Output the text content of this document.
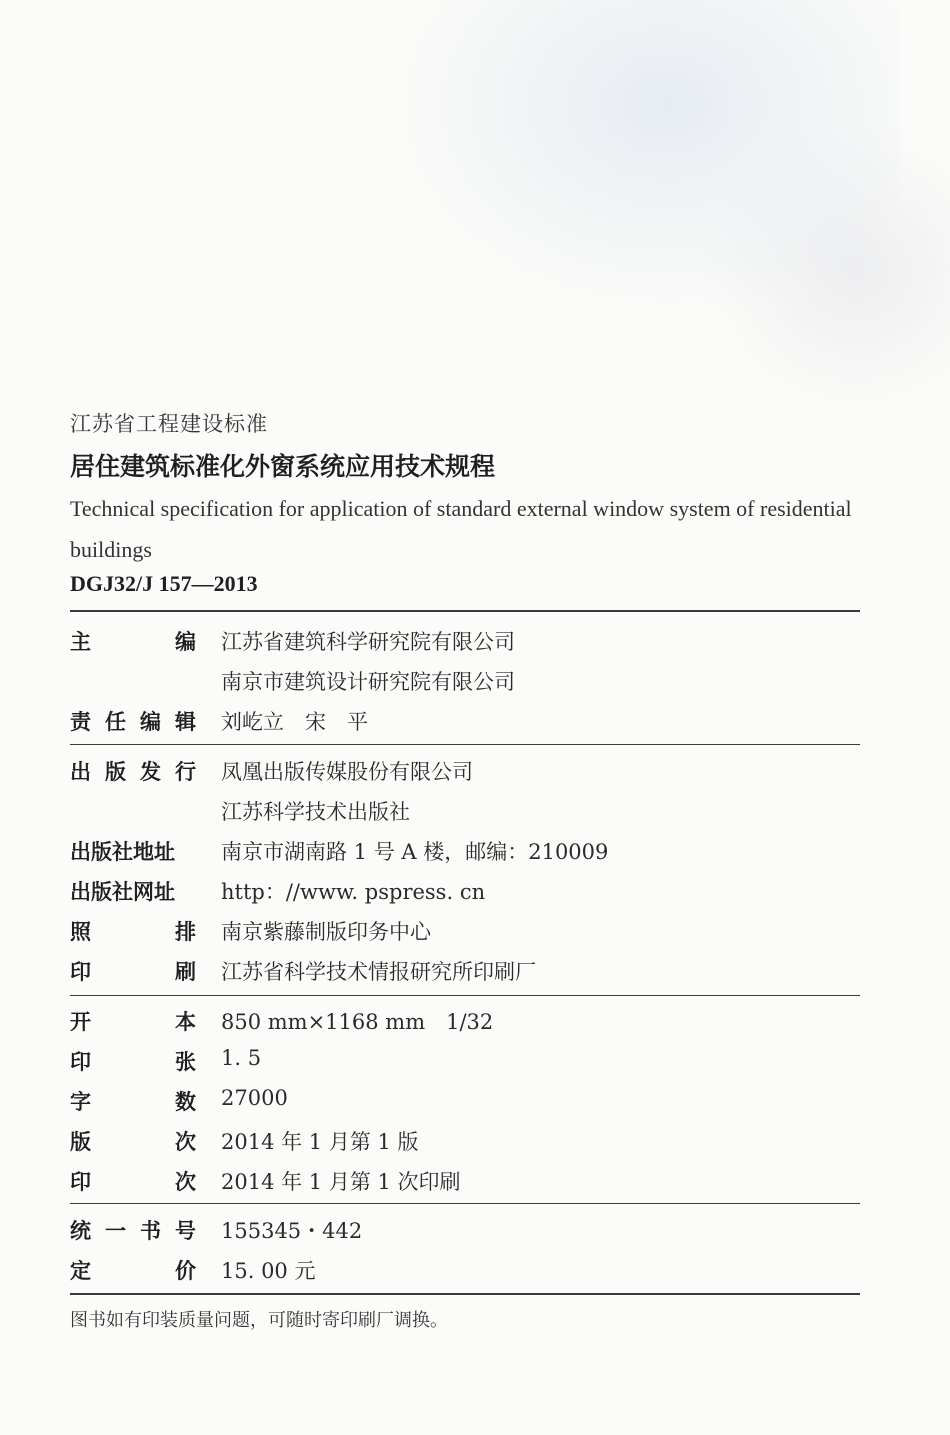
江苏省工程建设标准
居住建筑标准化外窗系统应用技术规程
Technical specification for application of standard external window system of residential buildings
DGJ32/J 157—2013
主	编 江苏省建筑科学研究院有限公司
南京市建筑设计研究院有限公司
责 任 编 辑 刘屹立　宋　平
出 版 发 行 凤凰出版传媒股份有限公司
江苏科学技术出版社
出版社地址 南京市湖南路 1 号 A 楼，邮编：210009
出版社网址 http：//www. pspress. cn
照	排 南京紫藤制版印务中心
印	刷 江苏省科学技术情报研究所印刷厂
开	本 850 mm×1168 mm　1/32
印	张 1. 5
字	数 27000
版	次 2014 年 1 月第 1 版
印	次 2014 年 1 月第 1 次印刷
统 一 书 号 155345・442
定	价 15. 00 元
图书如有印装质量问题，可随时寄印刷厂调换。
